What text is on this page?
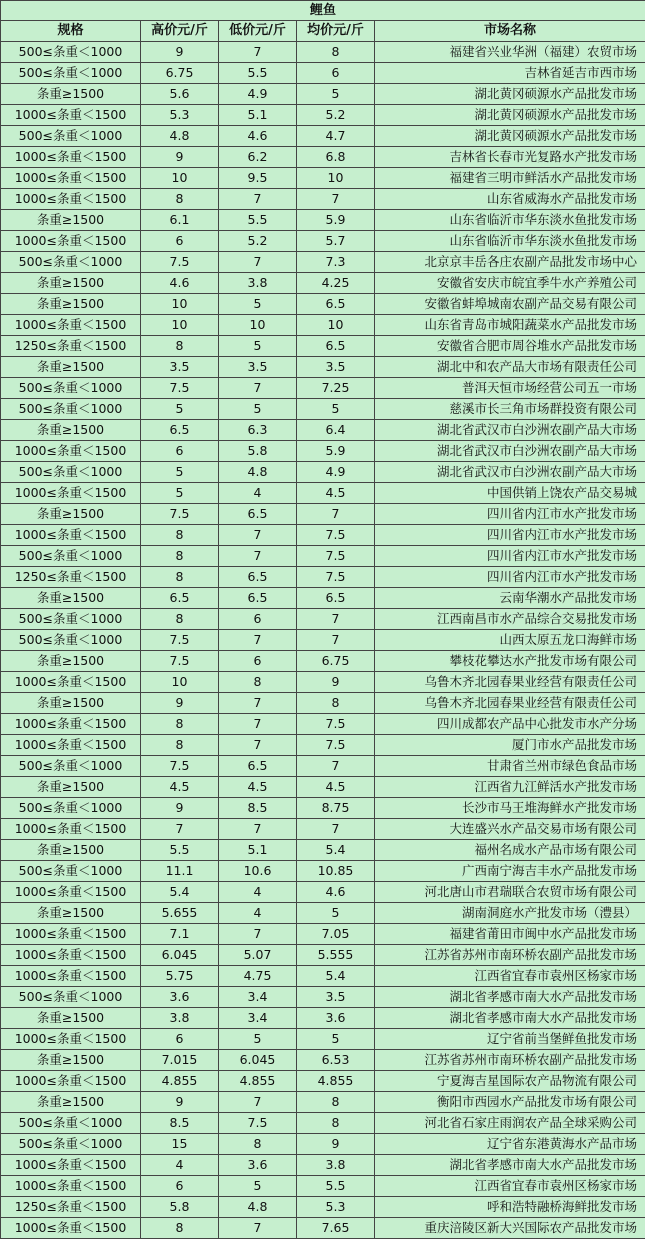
鲤鱼				
规格	高价元/斤	低价元/斤	均价元/斤	市场名称
500≤条重＜1000	9	7	8	福建省兴业华洲（福建）农贸市场
500≤条重＜1000	6.75	5.5	6	吉林省延吉市西市场
条重≥1500	5.6	4.9	5	湖北黄冈硕源水产品批发市场
1000≤条重＜1500	5.3	5.1	5.2	湖北黄冈硕源水产品批发市场
500≤条重＜1000	4.8	4.6	4.7	湖北黄冈硕源水产品批发市场
1000≤条重＜1500	9	6.2	6.8	吉林省长春市光复路水产批发市场
1000≤条重＜1500	10	9.5	10	福建省三明市鲜活水产品批发市场
1000≤条重＜1500	8	7	7	山东省威海水产品批发市场
条重≥1500	6.1	5.5	5.9	山东省临沂市华东淡水鱼批发市场
1000≤条重＜1500	6	5.2	5.7	山东省临沂市华东淡水鱼批发市场
500≤条重＜1000	7.5	7	7.3	北京京丰岳各庄农副产品批发市场中心
条重≥1500	4.6	3.8	4.25	安徽省安庆市皖宜季牛水产养殖公司
条重≥1500	10	5	6.5	安徽省蚌埠城南农副产品交易有限公司
1000≤条重＜1500	10	10	10	山东省青岛市城阳蔬菜水产品批发市场
1250≤条重＜1500	8	5	6.5	安徽省合肥市周谷堆水产品批发市场
条重≥1500	3.5	3.5	3.5	湖北中和农产品大市场有限责任公司
500≤条重＜1000	7.5	7	7.25	普洱天恒市场经营公司五一市场
500≤条重＜1000	5	5	5	慈溪市长三角市场群投资有限公司
条重≥1500	6.5	6.3	6.4	湖北省武汉市白沙洲农副产品大市场
1000≤条重＜1500	6	5.8	5.9	湖北省武汉市白沙洲农副产品大市场
500≤条重＜1000	5	4.8	4.9	湖北省武汉市白沙洲农副产品大市场
1000≤条重＜1500	5	4	4.5	中国供销上饶农产品交易城
条重≥1500	7.5	6.5	7	四川省内江市水产批发市场
1000≤条重＜1500	8	7	7.5	四川省内江市水产批发市场
500≤条重＜1000	8	7	7.5	四川省内江市水产批发市场
1250≤条重＜1500	8	6.5	7.5	四川省内江市水产批发市场
条重≥1500	6.5	6.5	6.5	云南华潮水产品批发市场
500≤条重＜1000	8	6	7	江西南昌市水产品综合交易批发市场
500≤条重＜1000	7.5	7	7	山西太原五龙口海鲜市场
条重≥1500	7.5	6	6.75	攀枝花攀达水产批发市场有限公司
1000≤条重＜1500	10	8	9	乌鲁木齐北园春果业经营有限责任公司
条重≥1500	9	7	8	乌鲁木齐北园春果业经营有限责任公司
1000≤条重＜1500	8	7	7.5	四川成都农产品中心批发市水产分场
1000≤条重＜1500	8	7	7.5	厦门市水产品批发市场
500≤条重＜1000	7.5	6.5	7	甘肃省兰州市绿色食品市场
条重≥1500	4.5	4.5	4.5	江西省九江鲜活水产批发市场
500≤条重＜1000	9	8.5	8.75	长沙市马王堆海鲜水产批发市场
1000≤条重＜1500	7	7	7	大连盛兴水产品交易市场有限公司
条重≥1500	5.5	5.1	5.4	福州名成水产品市场有限公司
500≤条重＜1000	11.1	10.6	10.85	广西南宁海吉丰水产品批发市场
1000≤条重＜1500	5.4	4	4.6	河北唐山市君瑞联合农贸市场有限公司
条重≥1500	5.655	4	5	湖南洞庭水产批发市场（澧县）
1000≤条重＜1500	7.1	7	7.05	福建省莆田市闽中水产品批发市场
1000≤条重＜1500	6.045	5.07	5.555	江苏省苏州市南环桥农副产品批发市场
1000≤条重＜1500	5.75	4.75	5.4	江西省宜春市袁州区杨家市场
500≤条重＜1000	3.6	3.4	3.5	湖北省孝感市南大水产品批发市场
条重≥1500	3.8	3.4	3.6	湖北省孝感市南大水产品批发市场
1000≤条重＜1500	6	5	5	辽宁省前当堡鲜鱼批发市场
条重≥1500	7.015	6.045	6.53	江苏省苏州市南环桥农副产品批发市场
1000≤条重＜1500	4.855	4.855	4.855	宁夏海吉星国际农产品物流有限公司
条重≥1500	9	7	8	衡阳市西园水产品批发市场有限公司
500≤条重＜1000	8.5	7.5	8	河北省石家庄雨润农产品全球采购公司
500≤条重＜1000	15	8	9	辽宁省东港黄海水产品市场
1000≤条重＜1500	4	3.6	3.8	湖北省孝感市南大水产品批发市场
1000≤条重＜1500	6	5	5.5	江西省宜春市袁州区杨家市场
1250≤条重＜1500	5.8	4.8	5.3	呼和浩特融桥海鲜批发市场
1000≤条重＜1500	8	7	7.65	重庆涪陵区新大兴国际农产品批发市场
